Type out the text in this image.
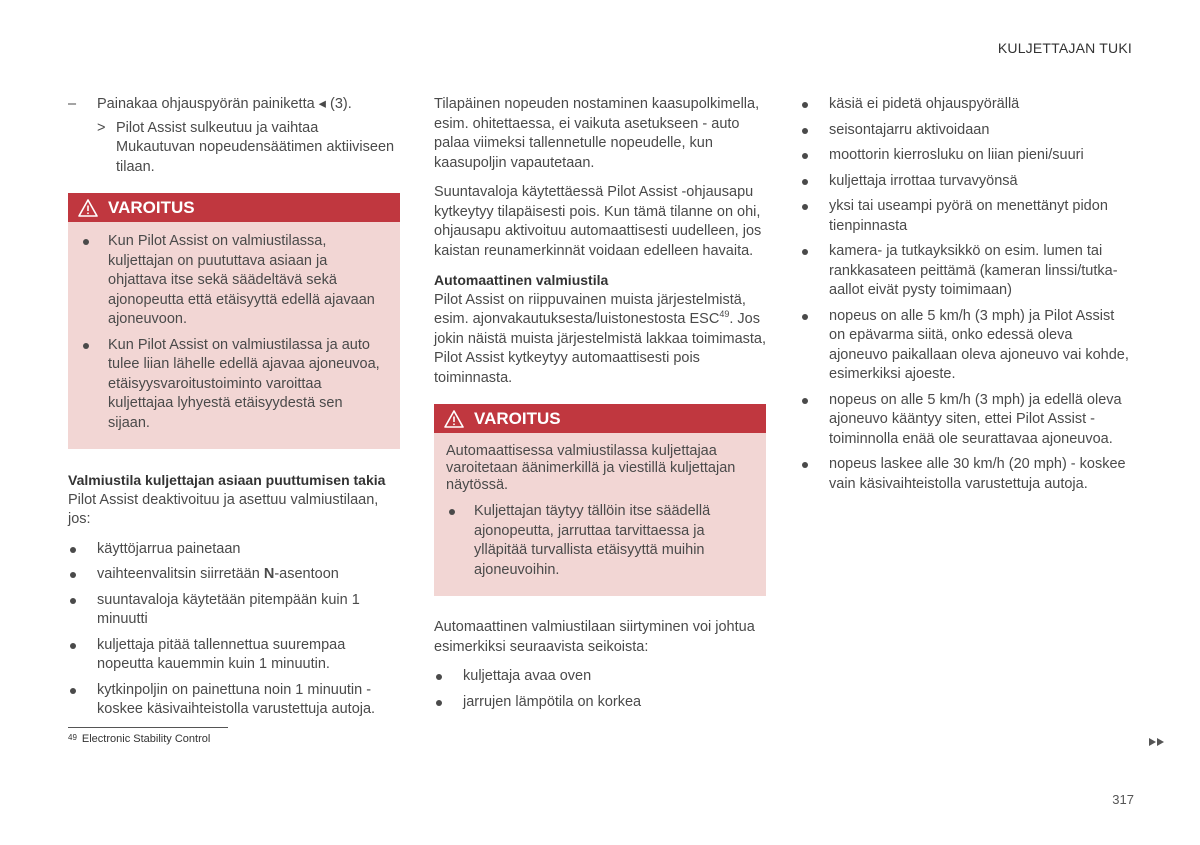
KULJETTAJAN TUKI
– Painakaa ohjauspyörän painiketta ◂ (3).
> Pilot Assist sulkeutuu ja vaihtaa Mukautuvan nopeudensäätimen aktiiviseen tilaan.
VAROITUS
Kun Pilot Assist on valmiustilassa, kuljettajan on puututtava asiaan ja ohjattava itse sekä säädeltävä sekä ajonopeutta että etäisyyttä edellä ajavaan ajoneuvoon.
Kun Pilot Assist on valmiustilassa ja auto tulee liian lähelle edellä ajavaa ajoneuvoa, etäisyysvaroitustoiminto varoittaa kuljettajaa lyhyestä etäisyydestä sen sijaan.

Valmiustila kuljettajan asiaan puuttumisen takia

Pilot Assist deaktivoituu ja asettuu valmiustilaan, jos:

käyttöjarrua painetaan
vaihteenvalitsin siirretään N-asentoon
suuntavaloja käytetään pitempään kuin 1 minuutti
kuljettaja pitää tallennettua suurempaa nopeutta kauemmin kuin 1 minuutin.
kytkinpoljin on painettuna noin 1 minuutin - koskee käsivaihteistolla varustettuja autoja.

Tilapäinen nopeuden nostaminen kaasupolkimella, esim. ohitettaessa, ei vaikuta asetukseen - auto palaa viimeksi tallennetulle nopeudelle, kun kaasupoljin vapautetaan.

Suuntavaloja käytettäessä Pilot Assist -ohjausapu kytkeytyy tilapäisesti pois. Kun tämä tilanne on ohi, ohjausapu aktivoituu automaattisesti uudelleen, jos kaistan reunamerkinnät voidaan edelleen havaita.

Automaattinen valmiustila

Pilot Assist on riippuvainen muista järjestelmistä, esim. ajonvakautuksesta/luistonestosta ESC$^{49}$. Jos jokin näistä muista järjestelmistä lakkaa toimimasta, Pilot Assist kytkeytyy automaattisesti pois toiminnasta.

VAROITUS

Automaattisessa valmiustilassa kuljettajaa varoitetaan äänimerkillä ja viestillä kuljettajan näytössä.

Kuljettajan täytyy tällöin itse säädellä ajonopeutta, jarruttaa tarvittaessa ja ylläpitää turvallista etäisyyttä muihin ajoneuvoihin.

Automaattinen valmiustilaan siirtyminen voi johtua esimerkiksi seuraavista seikoista:

kuljettaja avaa oven
jarrujen lämpötila on korkea
käsiä ei pidetä ohjauspyörällä
seisontajarru aktivoidaan
moottorin kierrosluku on liian pieni/suuri
kuljettaja irrottaa turvavyönsä
yksi tai useampi pyörä on menettänyt pidon tienpinnasta
kamera- ja tutkayksikkö on esim. lumen tai rankkasateen peittämä (kameran linssi/tutka-aallot eivät pysty toimimaan)
nopeus on alle 5 km/h (3 mph) ja Pilot Assist on epävarma siitä, onko edessä oleva ajoneuvo paikallaan oleva ajoneuvo vai kohde, esimerkiksi ajoeste.
nopeus on alle 5 km/h (3 mph) ja edellä oleva ajoneuvo kääntyy siten, ettei Pilot Assist -toiminnolla enää ole seurattavaa ajoneuvoa.
nopeus laskee alle 30 km/h (20 mph) - koskee vain käsivaihteistolla varustettuja autoja.
$^{49}$ Electronic Stability Control
317
